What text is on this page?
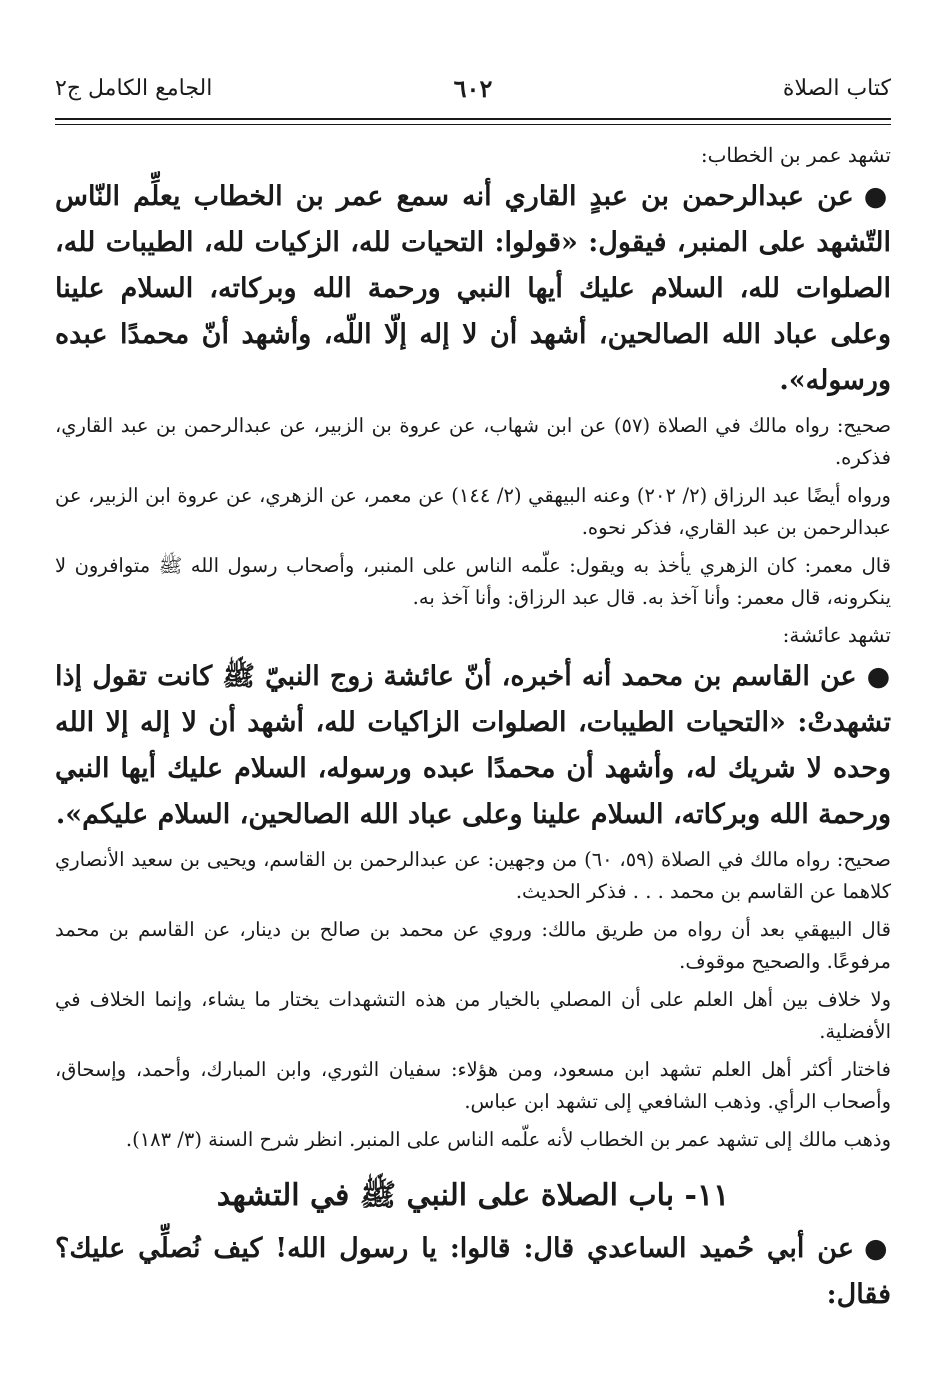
كتاب الصلاة
٦٠٢
الجامع الكامل ج٢

تشهد عمر بن الخطاب:

●عن عبدالرحمن بن عبدٍ القاري أنه سمع عمر بن الخطاب يعلِّم النّاس التّشهد على المنبر، فيقول: «قولوا: التحيات لله، الزكيات لله، الطيبات لله، الصلوات لله، السلام عليك أيها النبي ورحمة الله وبركاته، السلام علينا وعلى عباد الله الصالحين، أشهد أن لا إله إلّا اللّه، وأشهد أنّ محمدًا عبده ورسوله».

صحيح: رواه مالك في الصلاة (٥٧) عن ابن شهاب، عن عروة بن الزبير، عن عبدالرحمن بن عبد القاري، فذكره.

ورواه أيضًا عبد الرزاق (٢/ ٢٠٢) وعنه البيهقي (٢/ ١٤٤) عن معمر، عن الزهري، عن عروة ابن الزبير، عن عبدالرحمن بن عبد القاري، فذكر نحوه.

قال معمر: كان الزهري يأخذ به ويقول: علّمه الناس على المنبر، وأصحاب رسول الله ﷺ متوافرون لا ينكرونه، قال معمر: وأنا آخذ به. قال عبد الرزاق: وأنا آخذ به.

تشهد عائشة:

●عن القاسم بن محمد أنه أخبره، أنّ عائشة زوج النبيّ ﷺ كانت تقول إذا تشهدتْ: «التحيات الطيبات، الصلوات الزاكيات لله، أشهد أن لا إله إلا الله وحده لا شريك له، وأشهد أن محمدًا عبده ورسوله، السلام عليك أيها النبي ورحمة الله وبركاته، السلام علينا وعلى عباد الله الصالحين، السلام عليكم».

صحيح: رواه مالك في الصلاة (٥٩، ٦٠) من وجهين: عن عبدالرحمن بن القاسم، ويحيى بن سعيد الأنصاري كلاهما عن القاسم بن محمد . . . فذكر الحديث.

قال البيهقي بعد أن رواه من طريق مالك: وروي عن محمد بن صالح بن دينار، عن القاسم بن محمد مرفوعًا. والصحيح موقوف.

ولا خلاف بين أهل العلم على أن المصلي بالخيار من هذه التشهدات يختار ما يشاء، وإنما الخلاف في الأفضلية.

فاختار أكثر أهل العلم تشهد ابن مسعود، ومن هؤلاء: سفيان الثوري، وابن المبارك، وأحمد، وإسحاق، وأصحاب الرأي. وذهب الشافعي إلى تشهد ابن عباس.

وذهب مالك إلى تشهد عمر بن الخطاب لأنه علّمه الناس على المنبر. انظر شرح السنة (٣/ ١٨٣).

١١- باب الصلاة على النبي ﷺ في التشهد

●عن أبي حُميد الساعدي قال: قالوا: يا رسول الله! كيف نُصلِّي عليك؟ فقال:
